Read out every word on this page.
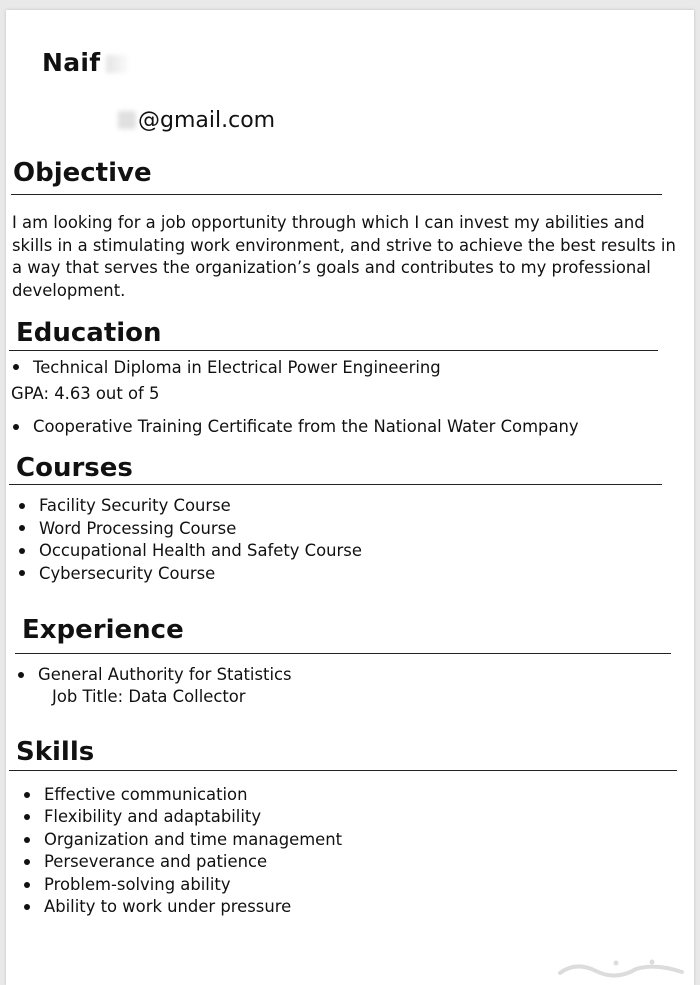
Naif
@gmail.com
Objective
I am looking for a job opportunity through which I can invest my abilities and skills in a stimulating work environment, and strive to achieve the best results in a way that serves the organization’s goals and contributes to my professional development.
Education
Technical Diploma in Electrical Power Engineering
GPA: 4.63 out of 5
Cooperative Training Certificate from the National Water Company
Courses
Facility Security Course
Word Processing Course
Occupational Health and Safety Course
Cybersecurity Course
Experience
General Authority for Statistics
Job Title: Data Collector
Skills
Effective communication
Flexibility and adaptability
Organization and time management
Perseverance and patience
Problem-solving ability
Ability to work under pressure
